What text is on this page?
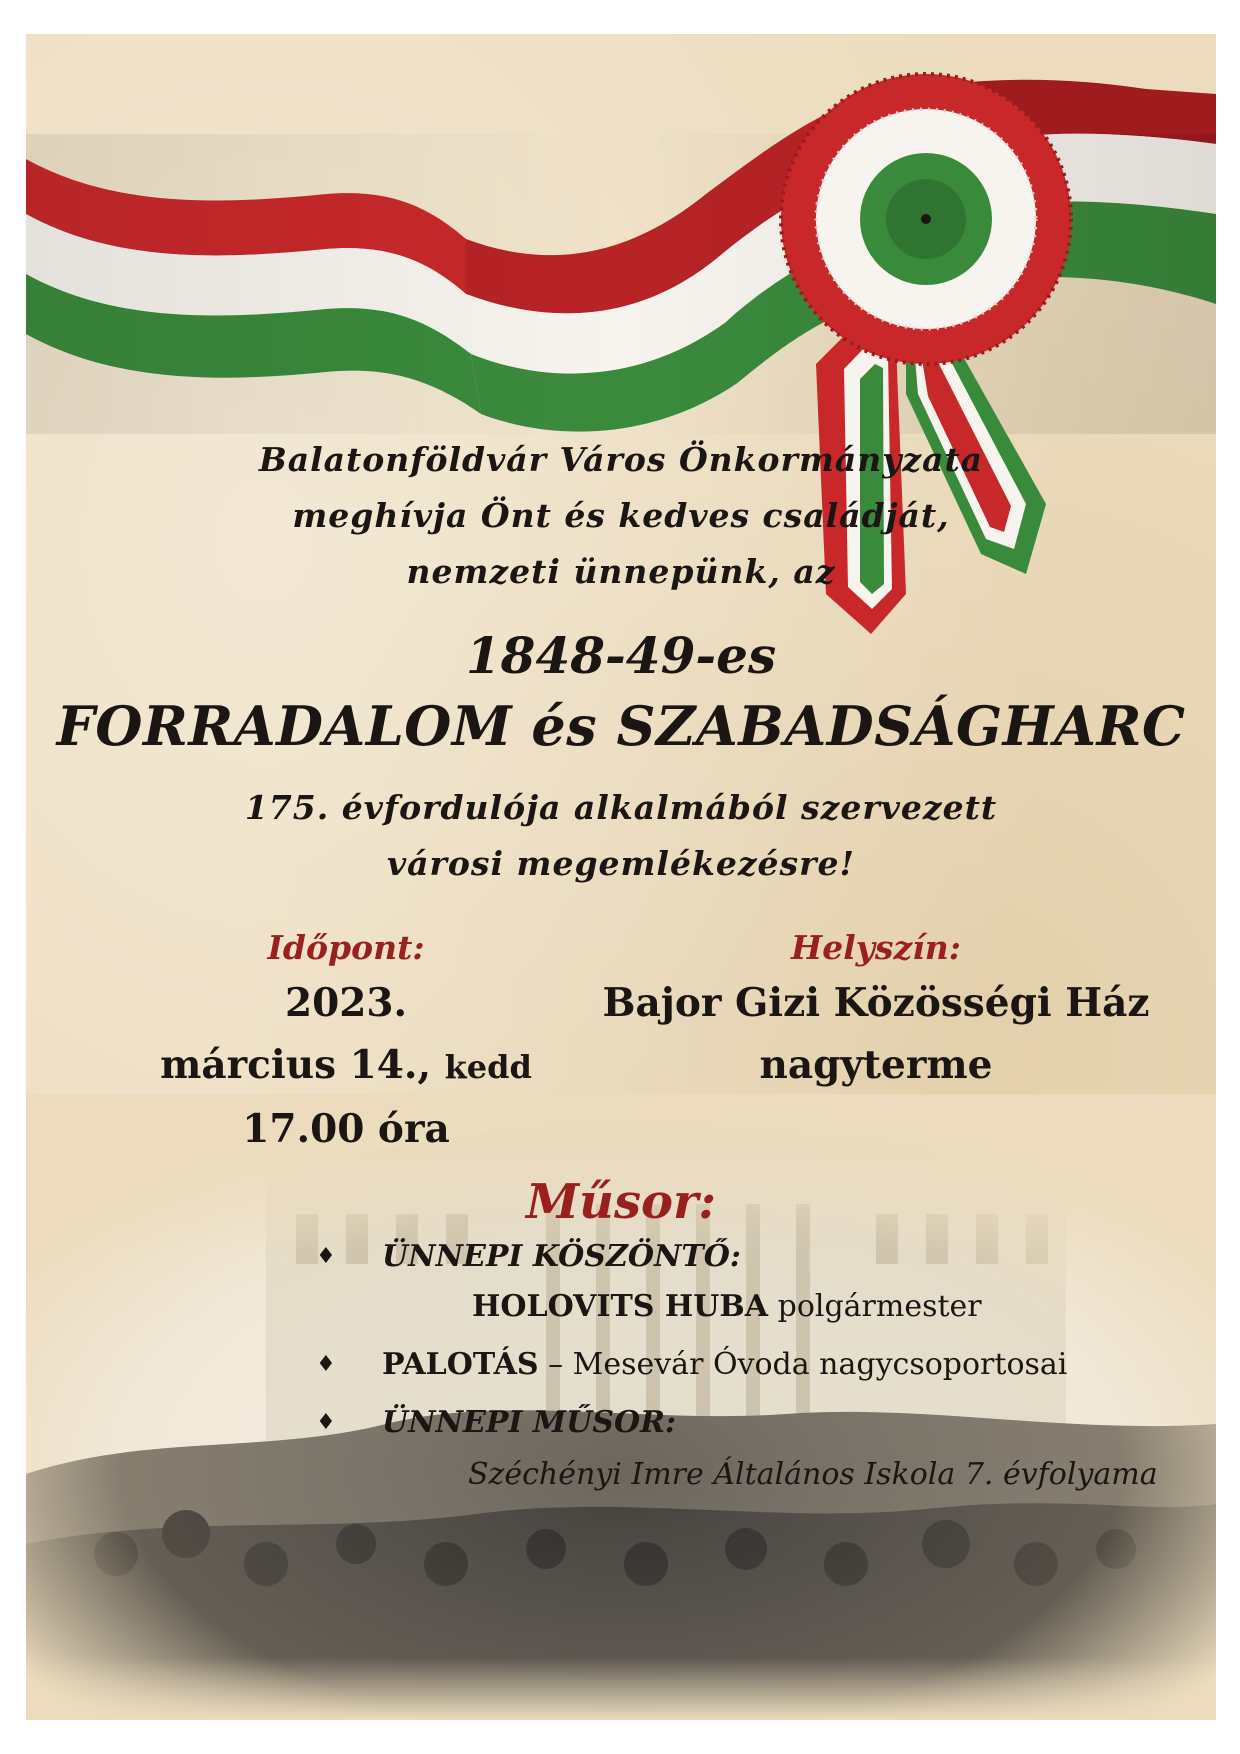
Balatonföldvár Város Önkormányzata
meghívja Önt és kedves családját,
nemzeti ünnepünk, az
1848-49-es
FORRADALOM és SZABADSÁGHARC
175. évfordulója alkalmából szervezett
városi megemlékezésre!
Időpont:
2023.
március 14., kedd
17.00 óra
Helyszín:
Bajor Gizi Közösségi Ház
nagyterme
Műsor:
♦ ÜNNEPI KÖSZÖNTŐ:
HOLOVITS HUBA polgármester
♦ PALOTÁS – Mesevár Óvoda nagycsoportosai
♦ ÜNNEPI MŰSOR:
Széchényi Imre Általános Iskola 7. évfolyama
